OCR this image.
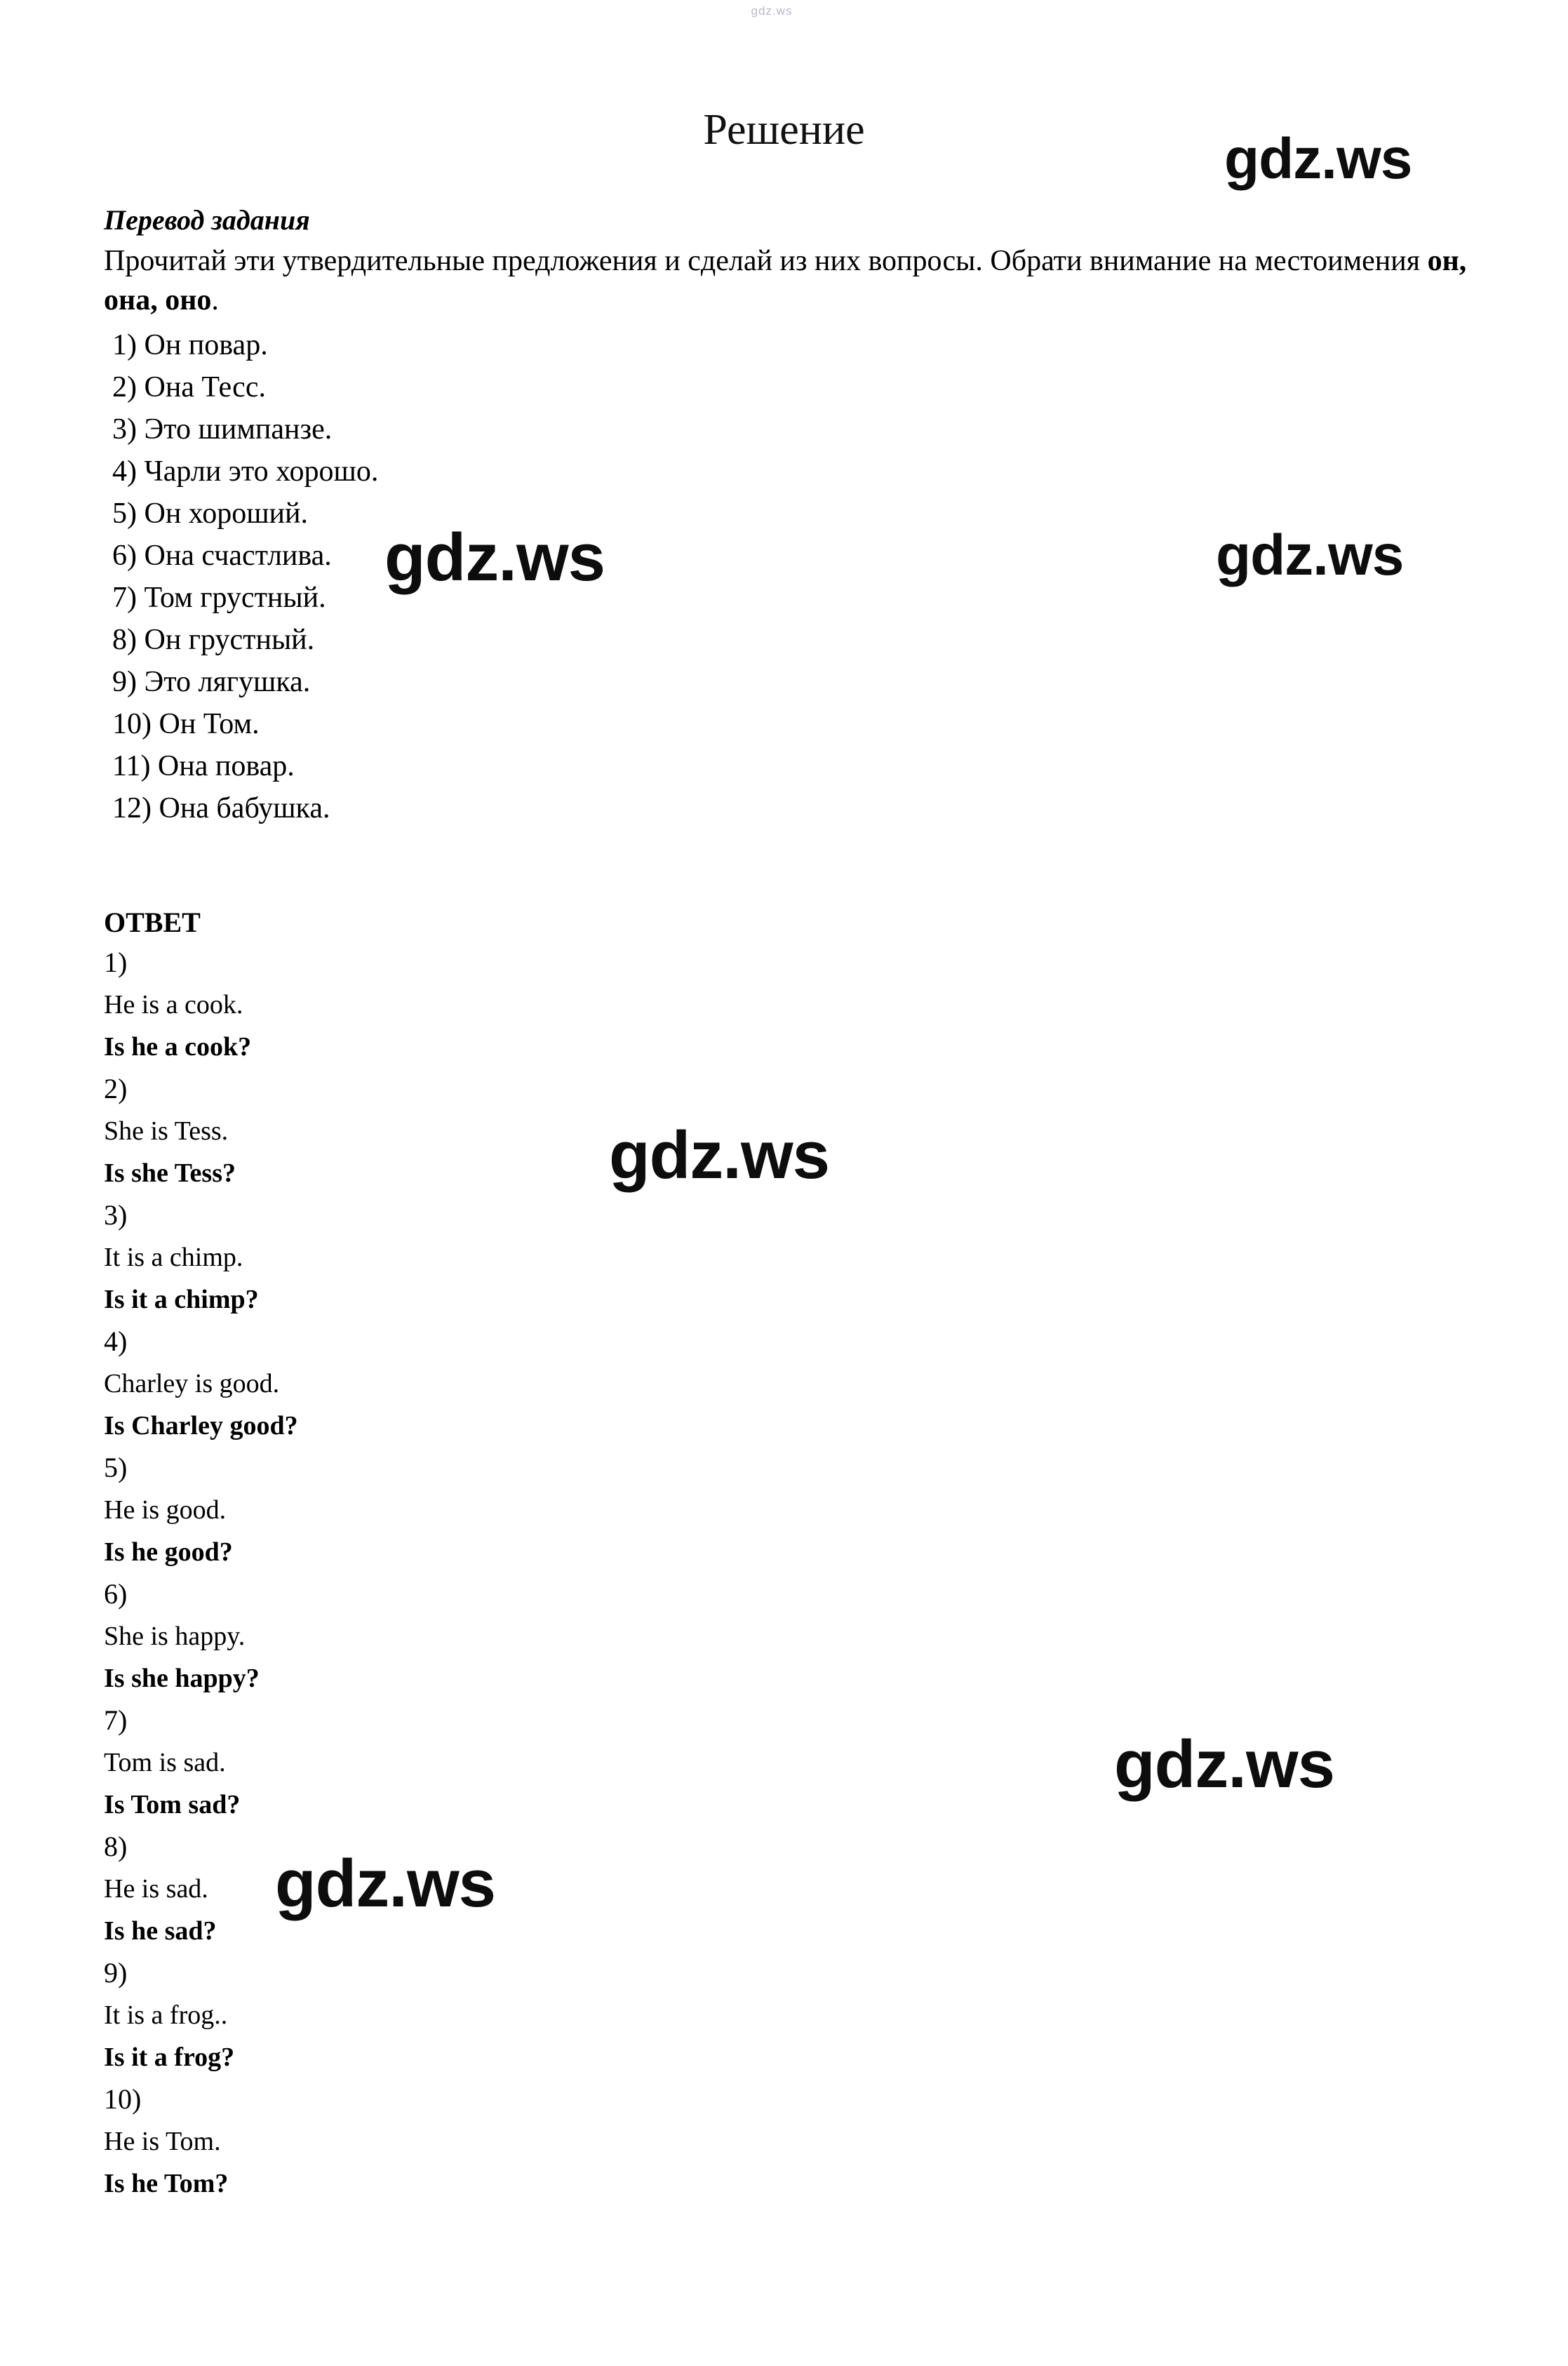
gdz.ws
Решение
Перевод задания

Прочитай эти утвердительные предложения и сделай из них вопросы. Обрати внимание на местоимения он, она, оно.

1) Он повар.
2) Она Тесс.
3) Это шимпанзе.
4) Чарли это хорошо.
5) Он хороший.
6) Она счастлива.
7) Том грустный.
8) Он грустный.
9) Это лягушка.
10) Он Том.
11) Она повар.
12) Она бабушка.
ОТВЕТ
1)
He is a cook.
Is he a cook?
2)
She is Tess.
Is she Tess?
3)
It is a chimp.
Is it a chimp?
4)
Charley is good.
Is Charley good?
5)
He is good.
Is he good?
6)
She is happy.
Is she happy?
7)
Tom is sad.
Is Tom sad?
8)
He is sad.
Is he sad?
9)
It is a frog..
Is it a frog?
10)
He is Tom.
Is he Tom?
gdz.ws
gdz.ws	gdz.ws
gdz.ws
gdz.ws
gdz.ws
